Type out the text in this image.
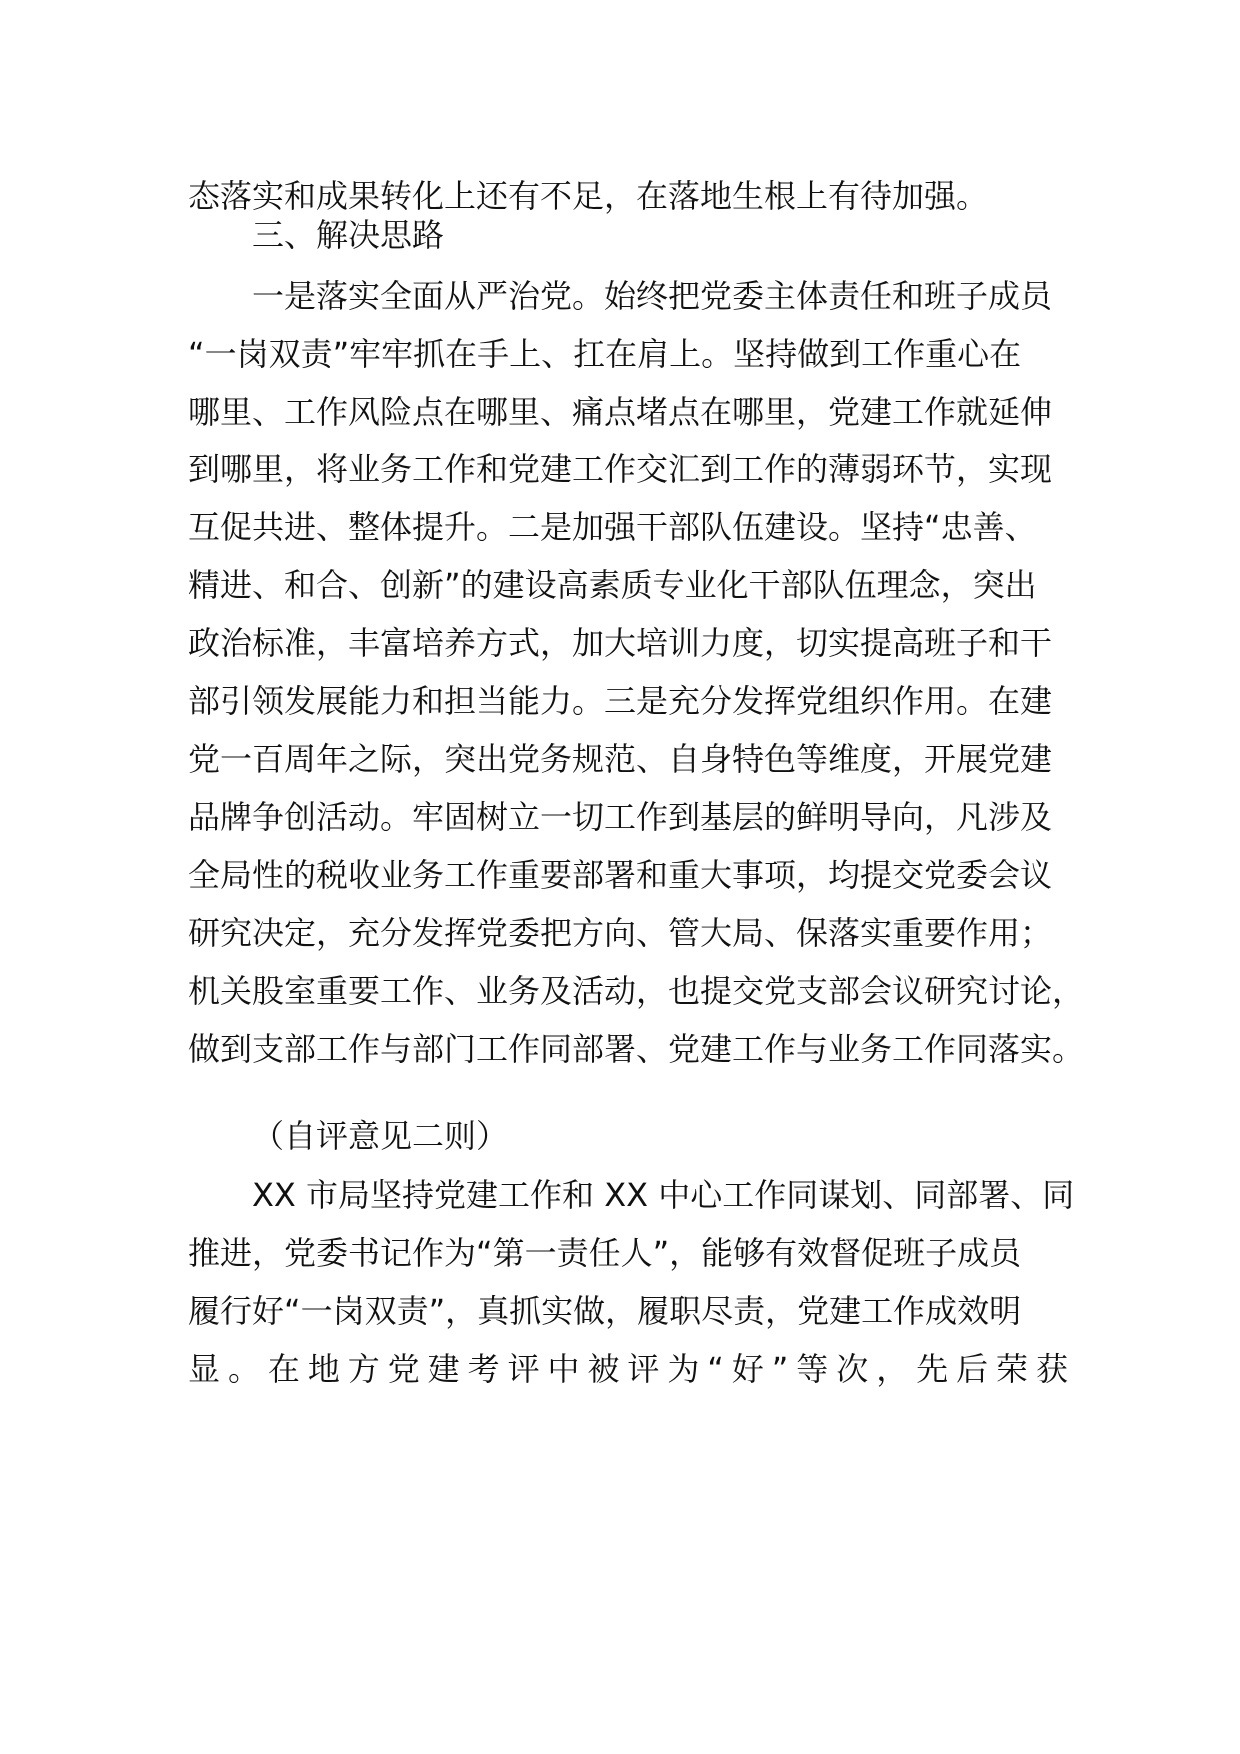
态落实和成果转化上还有不足，在落地生根上有待加强。
三、解决思路
一是落实全面从严治党。始终把党委主体责任和班子成员
“一岗双责”牢牢抓在手上、扛在肩上。坚持做到工作重心在
哪里、工作风险点在哪里、痛点堵点在哪里，党建工作就延伸
到哪里，将业务工作和党建工作交汇到工作的薄弱环节，实现
互促共进、整体提升。二是加强干部队伍建设。坚持“忠善、
精进、和合、创新”的建设高素质专业化干部队伍理念，突出
政治标准，丰富培养方式，加大培训力度，切实提高班子和干
部引领发展能力和担当能力。三是充分发挥党组织作用。在建
党一百周年之际，突出党务规范、自身特色等维度，开展党建
品牌争创活动。牢固树立一切工作到基层的鲜明导向，凡涉及
全局性的税收业务工作重要部署和重大事项，均提交党委会议
研究决定，充分发挥党委把方向、管大局、保落实重要作用；
机关股室重要工作、业务及活动，也提交党支部会议研究讨论，
做到支部工作与部门工作同部署、党建工作与业务工作同落实。
（自评意见二则）
XX 市局坚持党建工作和 XX 中心工作同谋划、同部署、同
推进，党委书记作为“第一责任人”，能够有效督促班子成员
履行好“一岗双责”，真抓实做，履职尽责，党建工作成效明
显。在地方党建考评中被评为“好”等次，先后荣获
